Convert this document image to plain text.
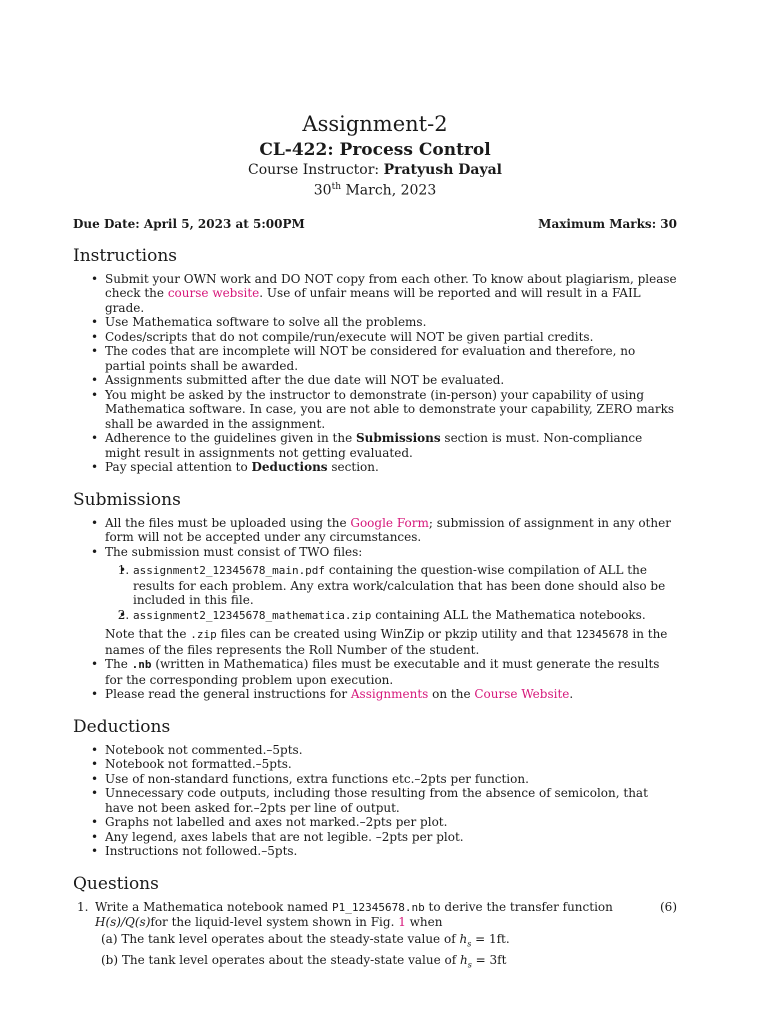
Assignment-2

CL-422: Process Control

Course Instructor: Pratyush Dayal

30th March, 2023

Due Date: April 5, 2023 at 5:00PM	Maximum Marks: 30
Instructions
• Submit your OWN work and DO NOT copy from each other. To know about plagiarism, please check the course website. Use of unfair means will be reported and will result in a FAIL grade.
• Use Mathematica software to solve all the problems.
• Codes/scripts that do not compile/run/execute will NOT be given partial credits.
• The codes that are incomplete will NOT be considered for evaluation and therefore, no partial points shall be awarded.
• Assignments submitted after the due date will NOT be evaluated.
• You might be asked by the instructor to demonstrate (in-person) your capability of using Mathematica software. In case, you are not able to demonstrate your capability, ZERO marks shall be awarded in the assignment.
• Adherence to the guidelines given in the Submissions section is must. Non-compliance might result in assignments not getting evaluated.
• Pay special attention to Deductions section.
Submissions
• All the files must be uploaded using the Google Form; submission of assignment in any other form will not be accepted under any circumstances.
• The submission must consist of TWO files:
• 1. assignment2_12345678_main.pdf containing the question-wise compilation of ALL the results for each problem. Any extra work/calculation that has been done should also be included in this file.
• 2. assignment2_12345678_mathematica.zip containing ALL the Mathematica notebooks.

Note that the .zip files can be created using WinZip or pkzip utility and that 12345678 in the names of the files represents the Roll Number of the student.

• The .nb (written in Mathematica) files must be executable and it must generate the results for the corresponding problem upon execution.
• Please read the general instructions for Assignments on the Course Website.
Deductions
• Notebook not commented.–5pts.
• Notebook not formatted.–5pts.
• Use of non-standard functions, extra functions etc.–2pts per function.
• Unnecessary code outputs, including those resulting from the absence of semicolon, that have not been asked for.–2pts per line of output.
• Graphs not labelled and axes not marked.–2pts per plot.
• Any legend, axes labels that are not legible. –2pts per plot.
• Instructions not followed.–5pts.
Questions
1. Write a Mathematica notebook named P1_12345678.nb to derive the transfer function H(s)/Q(s)for the liquid-level system shown in Fig. 1 when
(6)
(a) The tank level operates about the steady-state value of $h_s = 1ft$.
(b) The tank level operates about the steady-state value of $h_s = 3ft$
